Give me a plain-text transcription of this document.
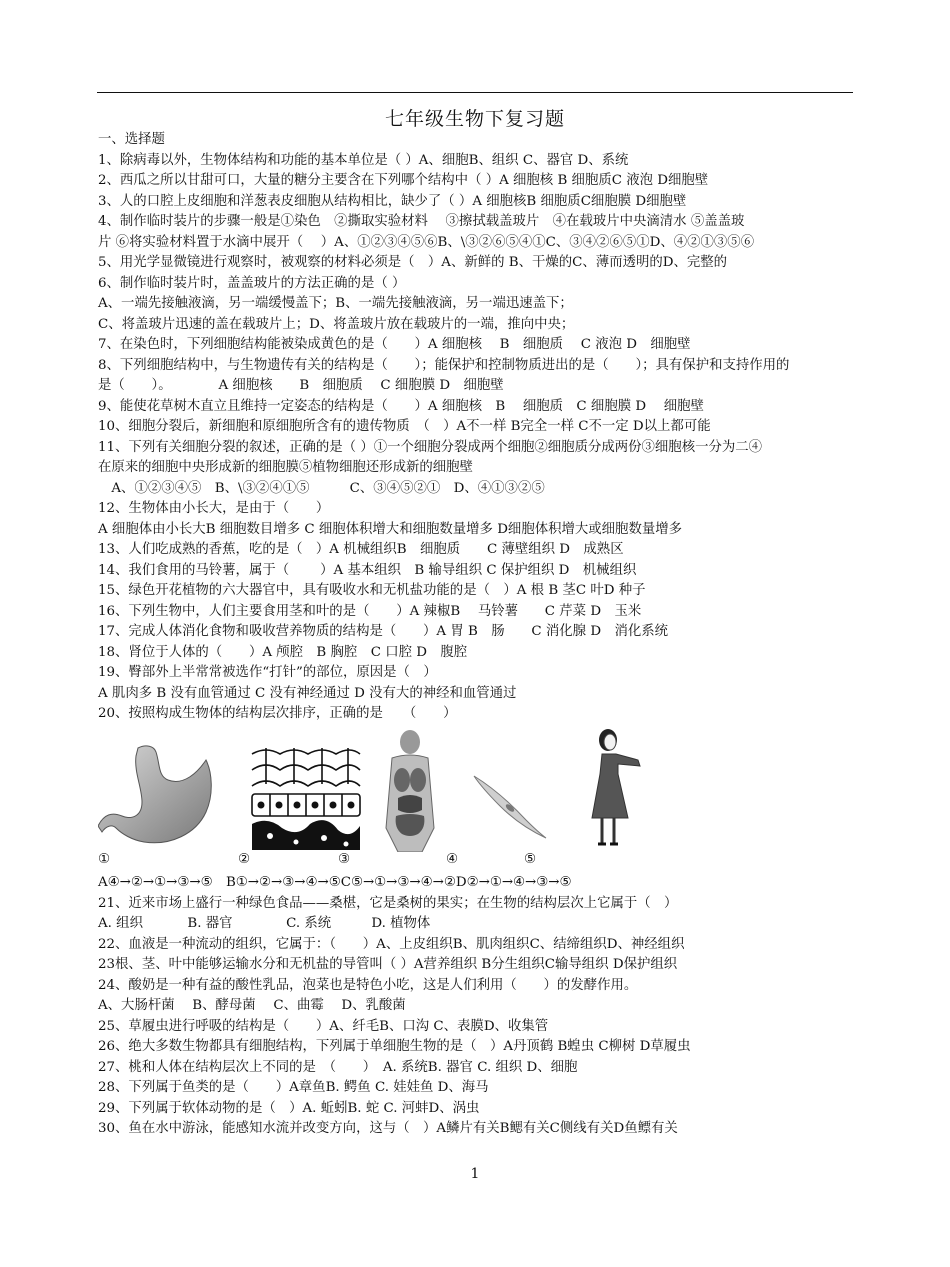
七年级生物下复习题
一、选择题
1、除病毒以外，生物体结构和功能的基本单位是（ ）A、细胞B、组织 C、器官 D、系统
2、西瓜之所以甘甜可口，大量的糖分主要含在下列哪个结构中（ ）A 细胞核 B 细胞质C 液泡 D细胞壁
3、人的口腔上皮细胞和洋葱表皮细胞从结构相比，缺少了（ ）A 细胞核B 细胞质C细胞膜 D细胞壁
4、制作临时装片的步骤一般是①染色　②撕取实验材料　 ③擦拭载盖玻片　④在载玻片中央滴清水 ⑤盖盖玻
片 ⑥将实验材料置于水滴中展开（　 ）A、①②③④⑤⑥B、\③②⑥⑤④①C、③④②⑥⑤①D、④②①③⑤⑥
5、用光学显微镜进行观察时，被观察的材料必须是（　）A、新鲜的 B、干燥的C、薄而透明的D、完整的
6、制作临时装片时，盖盖玻片的方法正确的是（ ）
A、一端先接触液滴，另一端缓慢盖下；B、一端先接触液滴，另一端迅速盖下；
C、将盖玻片迅速的盖在载玻片上；D、将盖玻片放在载玻片的一端，推向中央；
7、在染色时，下列细胞结构能被染成黄色的是（　　）A 细胞核　 B　细胞质　 C 液泡 D　细胞壁
8、下列细胞结构中，与生物遗传有关的结构是（　　）；能保护和控制物质进出的是（　　）；具有保护和支持作用的
是（　　）。　　　　A 细胞核　　B　细胞质　 C 细胞膜 D　细胞壁
9、能使花草树木直立且维持一定姿态的结构是（　　）A 细胞核　B　 细胞质　C 细胞膜 D　 细胞壁
10、细胞分裂后，新细胞和原细胞所含有的遗传物质　（　）A不一样 B完全一样 C不一定 D以上都可能
11、下列有关细胞分裂的叙述，正确的是（ ）①一个细胞分裂成两个细胞②细胞质分成两份③细胞核一分为二④
在原来的细胞中央形成新的细胞膜⑤植物细胞还形成新的细胞壁
　A、①②③④⑤　B、\③②④①⑤　　　C、③④⑤②①　D、④①③②⑤
12、生物体由小长大，是由于（　　）
A 细胞体由小长大B 细胞数目增多 C 细胞体积增大和细胞数量增多 D细胞体积增大或细胞数量增多
13、人们吃成熟的香蕉，吃的是（　）A 机械组织B　细胞质　　C 薄壁组织 D　成熟区
14、我们食用的马铃薯，属于（　　 ）A 基本组织　B 输导组织 C 保护组织 D　机械组织
15、绿色开花植物的六大器官中，具有吸收水和无机盐功能的是（　）A 根 B 茎C 叶D 种子
16、下列生物中，人们主要食用茎和叶的是（　　）A 辣椒B　 马铃薯　　C 芹菜 D　玉米
17、完成人体消化食物和吸收营养物质的结构是（　　）A 胃 B　肠　　C 消化腺 D　消化系统
18、肾位于人体的（　　）A 颅腔　B 胸腔　C 口腔 D　腹腔
19、臀部外上半常常被选作“打针”的部位，原因是（　）
A 肌肉多 B 没有血管通过 C 没有神经通过 D 没有大的神经和血管通过
20、按照构成生物体的结构层次排序，正确的是　　（　　）
①	②	③	④	⑤
A④→②→①→③→⑤　B①→②→③→④→⑤C⑤→①→③→④→②D②→①→④→③→⑤
21、近来市场上盛行一种绿色食品——桑椹，它是桑树的果实；在生物的结构层次上它属于（　）
A. 组织　　　 B. 器官　　　　C. 系统　　　D. 植物体
22、血液是一种流动的组织，它属于：（　　）A、上皮组织B、肌肉组织C、结缔组织D、神经组织
23根、茎、叶中能够运输水分和无机盐的导管叫（ ）A营养组织 B分生组织C输导组织 D保护组织
24、酸奶是一种有益的酸性乳品，泡菜也是特色小吃，这是人们利用（　　）的发酵作用。
A、大肠杆菌　 B、酵母菌　 C、曲霉　 D、乳酸菌
25、草履虫进行呼吸的结构是（　　）A、纤毛B、口沟 C、表膜D、收集管
26、绝大多数生物都具有细胞结构，下列属于单细胞生物的是（　）A丹顶鹤 B蝗虫 C柳树 D草履虫
27、桃和人体在结构层次上不同的是　（　　）　A. 系统B. 器官 C. 组织 D、细胞
28、下列属于鱼类的是（　　）A章鱼B. 鳄鱼 C. 娃娃鱼 D、海马
29、下列属于软体动物的是（　）A. 蚯蚓B. 蛇 C. 河蚌D、涡虫
30、鱼在水中游泳，能感知水流并改变方向，这与（　）A鳞片有关B鳃有关C侧线有关D鱼鳔有关
1
